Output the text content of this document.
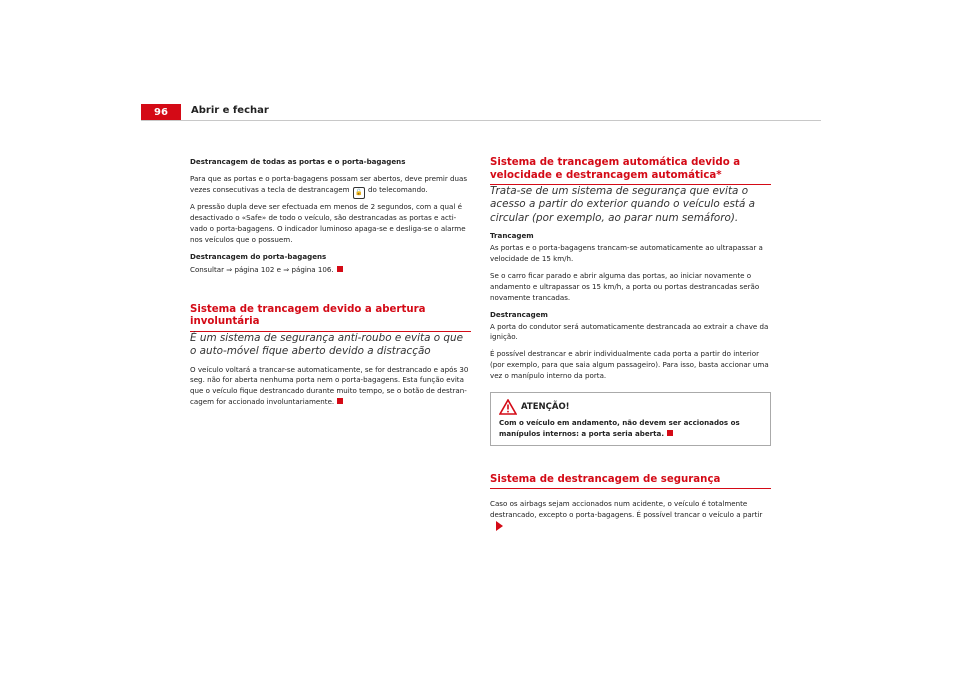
96	Abrir e fechar

Destrancagem de todas as portas e o porta-bagagens

Para que as portas e o porta-bagagens possam ser abertos, deve premir duas vezes consecutivas a tecla de destrancagem 🔓 do telecomando.

A pressão dupla deve ser efectuada em menos de 2 segundos, com a qual é desactivado o «Safe» de todo o veículo, são destrancadas as portas e acti-vado o porta-bagagens. O indicador luminoso apaga-se e desliga-se o alarme nos veículos que o possuem.

Destrancagem do porta-bagagens

Consultar ⇒ página 102 e ⇒ página 106.

Sistema de trancagem devido a abertura involuntária

É um sistema de segurança anti-roubo e evita o que o auto-móvel fique aberto devido a distracção

O veículo voltará a trancar-se automaticamente, se for destrancado e após 30 seg. não for aberta nenhuma porta nem o porta-bagagens. Esta função evita que o veículo fique destrancado durante muito tempo, se o botão de destran-cagem for accionado involuntariamente.

Sistema de trancagem automática devido a velocidade e destrancagem automática*

Trata-se de um sistema de segurança que evita o acesso a partir do exterior quando o veículo está a circular (por exemplo, ao parar num semáforo).

Trancagem

As portas e o porta-bagagens trancam-se automaticamente ao ultrapassar a velocidade de 15 km/h.

Se o carro ficar parado e abrir alguma das portas, ao iniciar novamente o andamento e ultrapassar os 15 km/h, a porta ou portas destrancadas serão novamente trancadas.

Destrancagem

A porta do condutor será automaticamente destrancada ao extrair a chave da ignição.

É possível destrancar e abrir individualmente cada porta a partir do interior (por exemplo, para que saia algum passageiro). Para isso, basta accionar uma vez o manípulo interno da porta.

ATENÇÃO!
Com o veículo em andamento, não devem ser accionados os manípulos internos: a porta seria aberta.
Sistema de destrancagem de segurança

Caso os airbags sejam accionados num acidente, o veículo é totalmente destrancado, excepto o porta-bagagens. É possível trancar o veículo a partir
